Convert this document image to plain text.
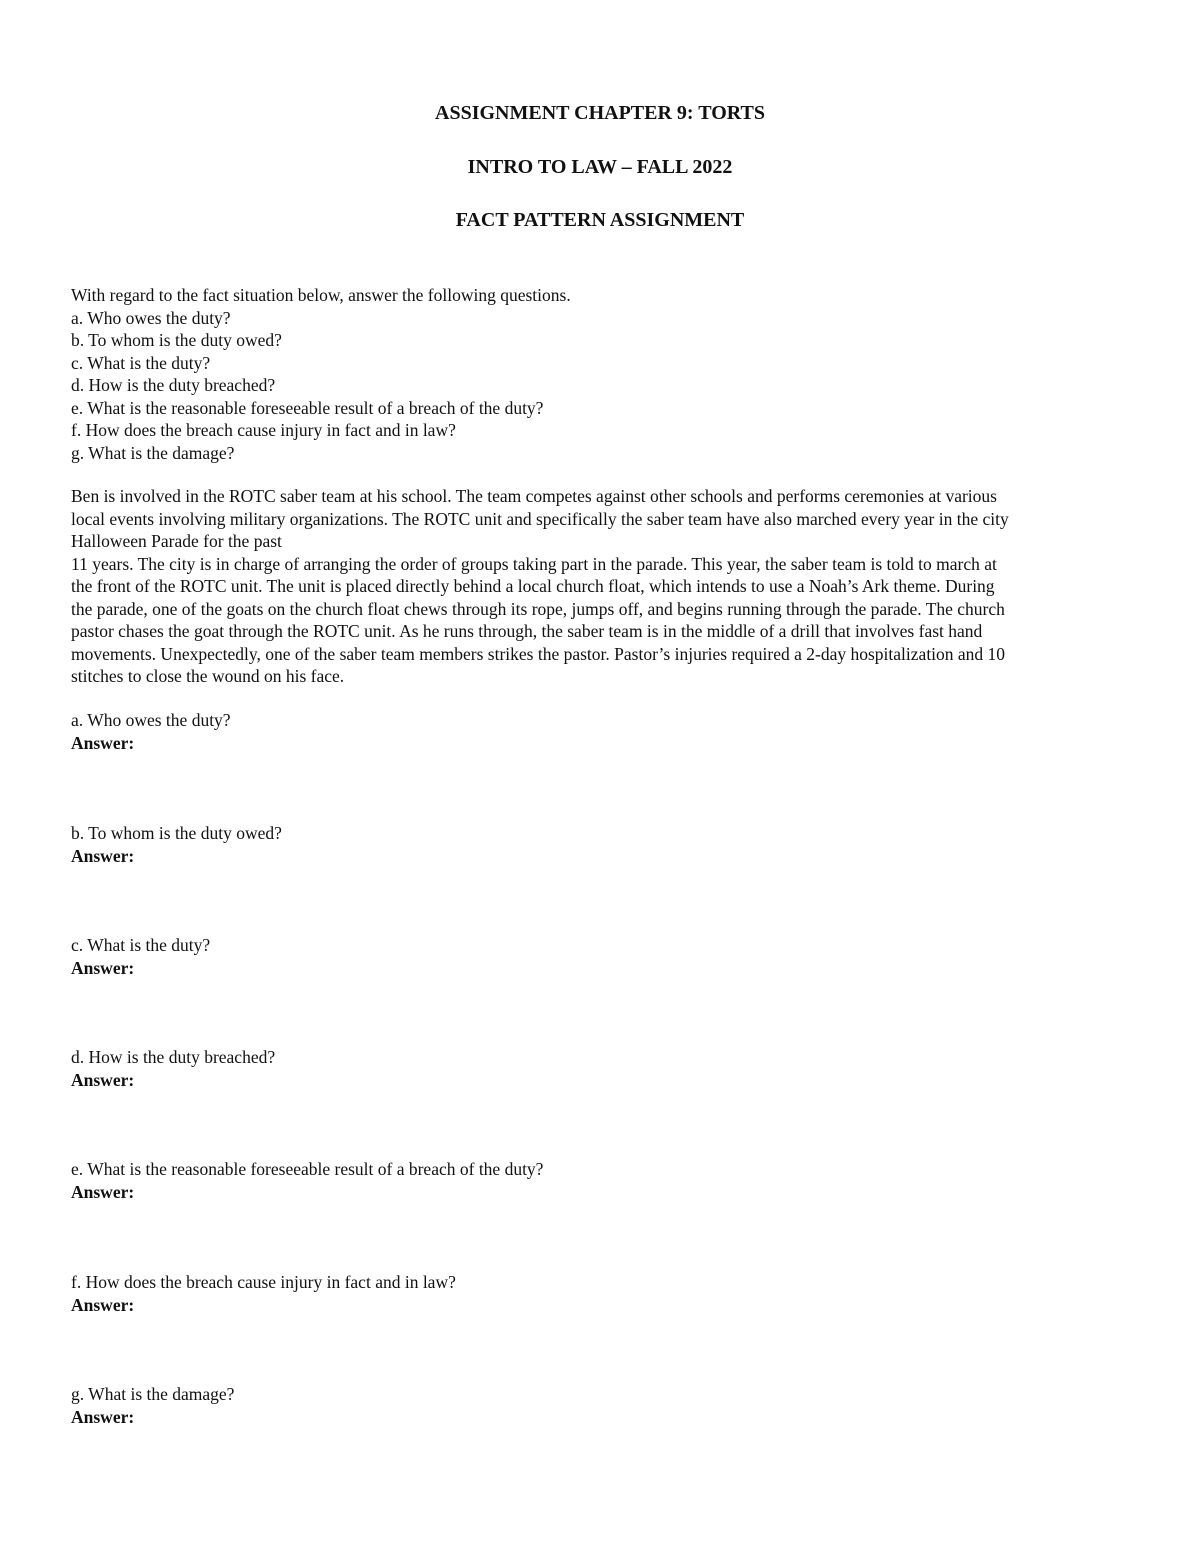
ASSIGNMENT CHAPTER 9: TORTS
INTRO TO LAW – FALL 2022
FACT PATTERN ASSIGNMENT
With regard to the fact situation below, answer the following questions.
a. Who owes the duty?
b. To whom is the duty owed?
c. What is the duty?
d. How is the duty breached?
e. What is the reasonable foreseeable result of a breach of the duty?
f. How does the breach cause injury in fact and in law?
g. What is the damage?
Ben is involved in the ROTC saber team at his school. The team competes against other schools and performs ceremonies at various
local events involving military organizations. The ROTC unit and specifically the saber team have also marched every year in the city
Halloween Parade for the past
11 years. The city is in charge of arranging the order of groups taking part in the parade. This year, the saber team is told to march at
the front of the ROTC unit. The unit is placed directly behind a local church float, which intends to use a Noah’s Ark theme. During
the parade, one of the goats on the church float chews through its rope, jumps off, and begins running through the parade. The church
pastor chases the goat through the ROTC unit. As he runs through, the saber team is in the middle of a drill that involves fast hand
movements. Unexpectedly, one of the saber team members strikes the pastor. Pastor’s injuries required a 2-day hospitalization and 10
stitches to close the wound on his face.
a. Who owes the duty?
Answer:
b. To whom is the duty owed?
Answer:
c. What is the duty?
Answer:
d. How is the duty breached?
Answer:
e. What is the reasonable foreseeable result of a breach of the duty?
Answer:
f. How does the breach cause injury in fact and in law?
Answer:
g. What is the damage?
Answer:
